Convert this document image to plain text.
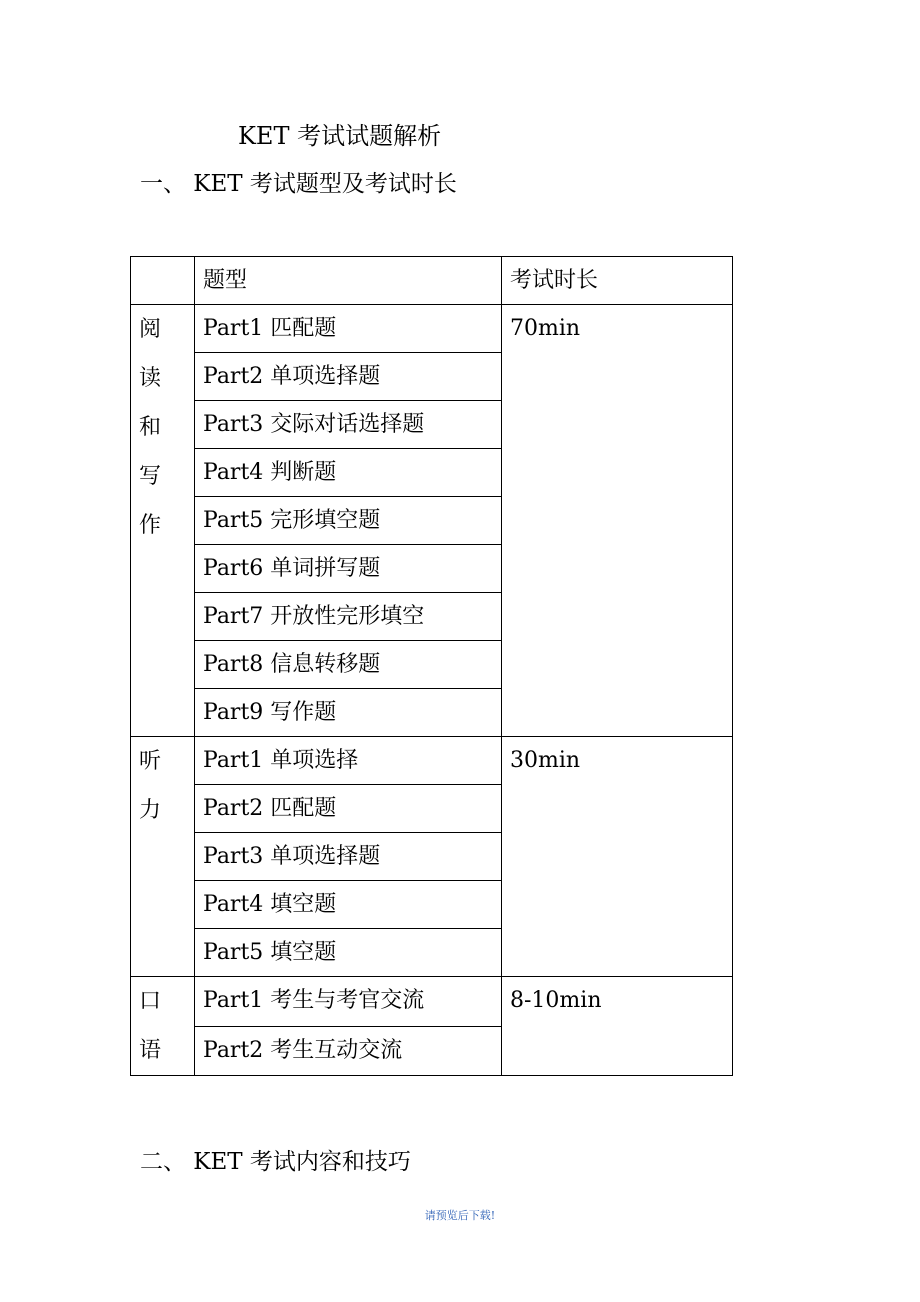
KET 考试试题解析
一、 KET 考试题型及考试时长
	题型	考试时长

阅读和写作	Part1 匹配题	70min
	Part2 单项选择题	
	Part3 交际对话选择题	
	Part4 判断题	
	Part5 完形填空题	
	Part6 单词拼写题	
	Part7 开放性完形填空	
	Part8 信息转移题	
	Part9 写作题	

听力	Part1 单项选择	30min
	Part2 匹配题	
	Part3 单项选择题	
	Part4 填空题	
	Part5 填空题	

口语	Part1 考生与考官交流	8-10min
	Part2 考生互动交流	
二、 KET 考试内容和技巧
请预览后下载!
